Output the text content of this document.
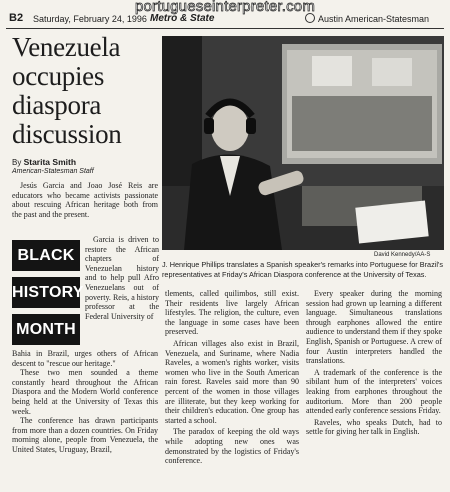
portugueseinterpreter.com
B2 Saturday, February 24, 1996 Metro & State	Austin American-Statesman
Venezuela occupies diaspora discussion
By Starita Smith
American-Statesman Staff

Jesús Garcia and Joao José Reis are educators who became activists passionate about rescuing African heritage both from the past and the present.

BLACK
HISTORY
MONTH

Garcia is driven to restore the African chapters of Venezuelan history and to help pull Afro Venezuelans out of poverty. Reis, a history professor at the Federal University of

Bahia in Brazil, urges others of African descent to "rescue our heritage."

These two men sounded a theme constantly heard throughout the African Diaspora and the Modern World conference being held at the University of Texas this week.

The conference has drawn participants from more than a dozen countries. On Friday morning alone, people from Venezuela, the United States, Uruguay, Brazil,

David Kennedy/AA-S
J. Henrique Phillips translates a Spanish speaker's remarks into Portuguese for Brazil's representatives at Friday's African Diaspora conference at the University of Texas.

tlements, called quilimbos, still exist. Their residents live largely African lifestyles. The religion, the culture, even the language in some cases have been preserved.

African villages also exist in Brazil, Venezuela, and Suriname, where Nadia Raveles, a women's rights worker, visits women who live in the South American rain forest. Raveles said more than 90 percent of the women in those villages are illiterate, but they keep working for their children's education. One group has started a school.

The paradox of keeping the old ways while adopting new ones was demonstrated by the logistics of Friday's conference.

Every speaker during the morning session had grown up learning a different language. Simultaneous translations through earphones allowed the entire audience to understand them if they spoke English, Spanish or Portuguese. A crew of four Austin interpreters handled the translations.

A trademark of the conference is the sibilant hum of the interpreters' voices leaking from earphones throughout the auditorium. More than 200 people attended early conference sessions Friday.

Raveles, who speaks Dutch, had to settle for giving her talk in English.
